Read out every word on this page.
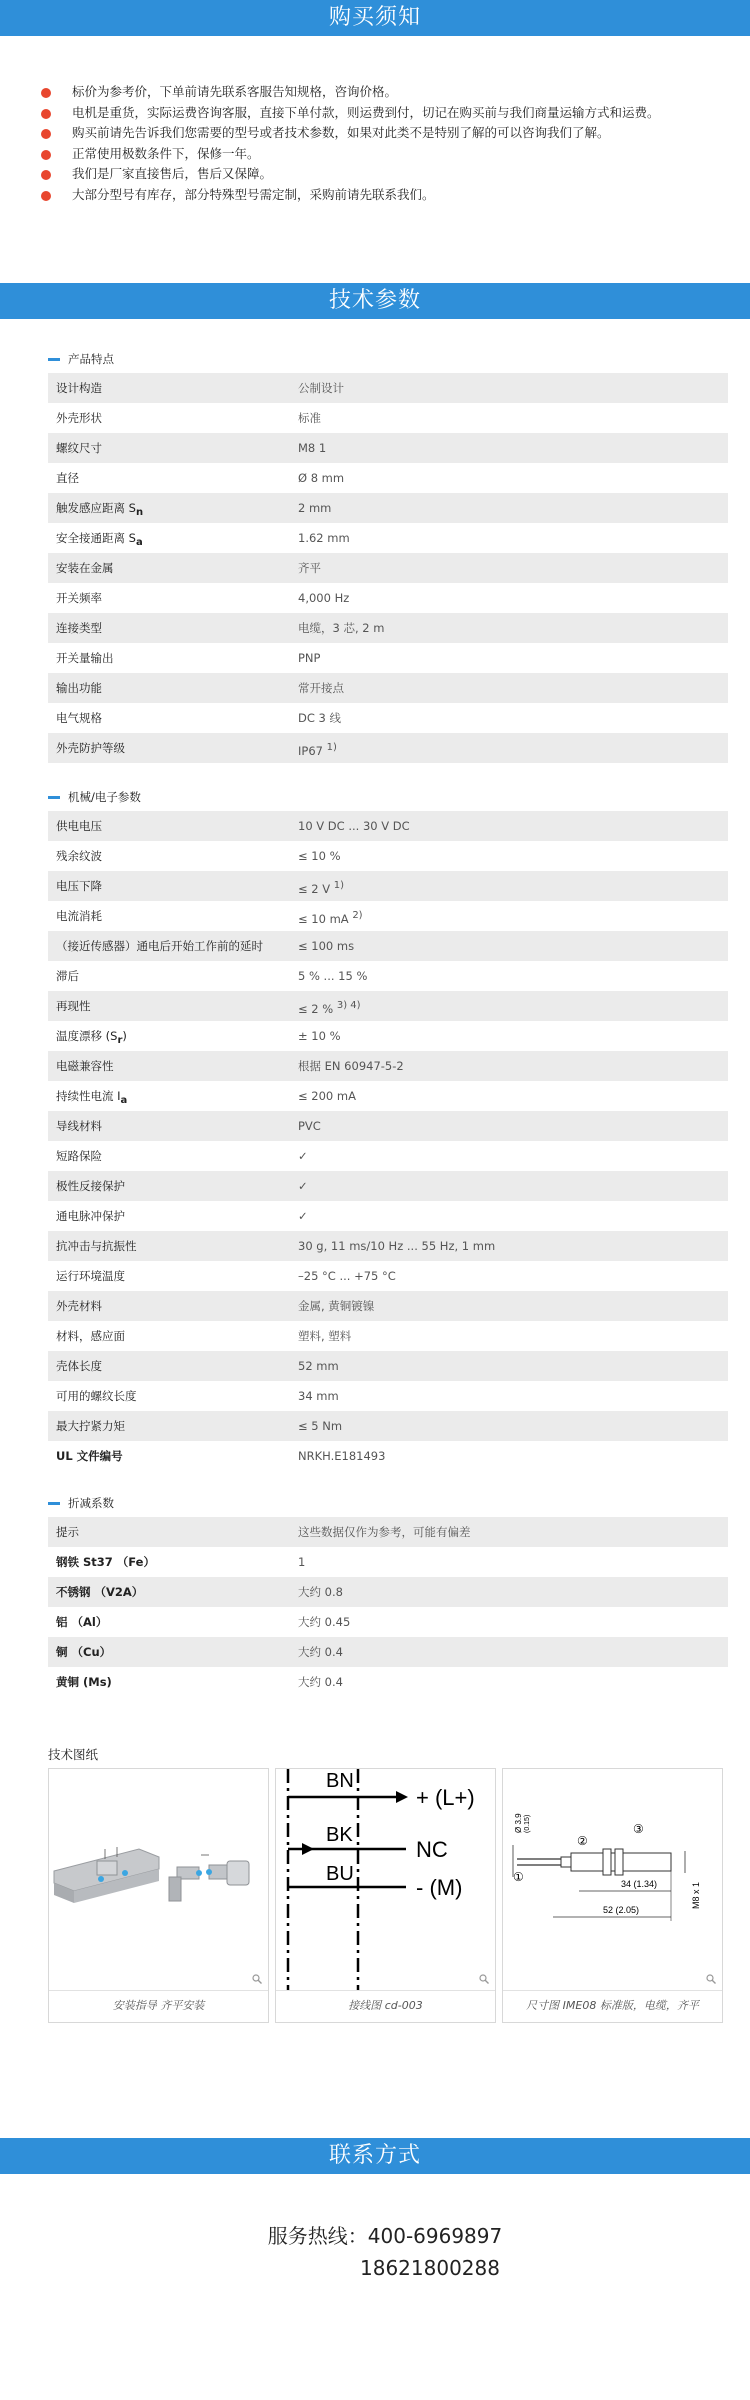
购买须知
标价为参考价，下单前请先联系客服告知规格，咨询价格。
电机是重货，实际运费咨询客服，直接下单付款，则运费到付，切记在购买前与我们商量运输方式和运费。
购买前请先告诉我们您需要的型号或者技术参数，如果对此类不是特别了解的可以咨询我们了解。
正常使用极数条件下，保修一年。
我们是厂家直接售后，售后又保障。
大部分型号有库存，部分特殊型号需定制，采购前请先联系我们。
技术参数
产品特点
设计构造	公制设计
外壳形状	标准
螺纹尺寸	M8 1
直径	Ø 8 mm
触发感应距离 Sn	2 mm
安全接通距离 Sa	1.62 mm
安装在金属	齐平
开关频率	4,000 Hz
连接类型	电缆，3 芯, 2 m
开关量输出	PNP
输出功能	常开接点
电气规格	DC 3 线
外壳防护等级	IP67 1)
机械/电子参数
供电电压	10 V DC ... 30 V DC
残余纹波	≤ 10 %
电压下降	≤ 2 V 1)
电流消耗	≤ 10 mA 2)
（接近传感器）通电后开始工作前的延时	≤ 100 ms
滞后	5 % ... 15 %
再现性	≤ 2 % 3) 4)
温度漂移 (Sr)	± 10 %
电磁兼容性	根据 EN 60947-5-2
持续性电流 Ia	≤ 200 mA
导线材料	PVC
短路保险	✓
极性反接保护	✓
通电脉冲保护	✓
抗冲击与抗振性	30 g, 11 ms/10 Hz ... 55 Hz, 1 mm
运行环境温度	–25 °C ... +75 °C
外壳材料	金属, 黄铜镀镍
材料，感应面	塑料, 塑料
壳体长度	52 mm
可用的螺纹长度	34 mm
最大拧紧力矩	≤ 5 Nm
UL 文件编号	NRKH.E181493
折减系数
提示	这些数据仅作为参考，可能有偏差
钢铁 St37 （Fe）	1
不锈钢 （V2A）	大约 0.8
铝 （Al）	大约 0.45
铜 （Cu）	大约 0.4
黄铜 (Ms)	大约 0.4
技术图纸
安装指导 齐平安装
BN
BK
BU
+ (L+)
NC
- (M)
接线图 cd-003
Ø 3.9 (0.15)
①
②
③
34 (1.34)
52 (2.05)
M8 x 1
尺寸图 IME08 标准版，电缆，齐平
联系方式
服务热线：400-6969897
18621800288
